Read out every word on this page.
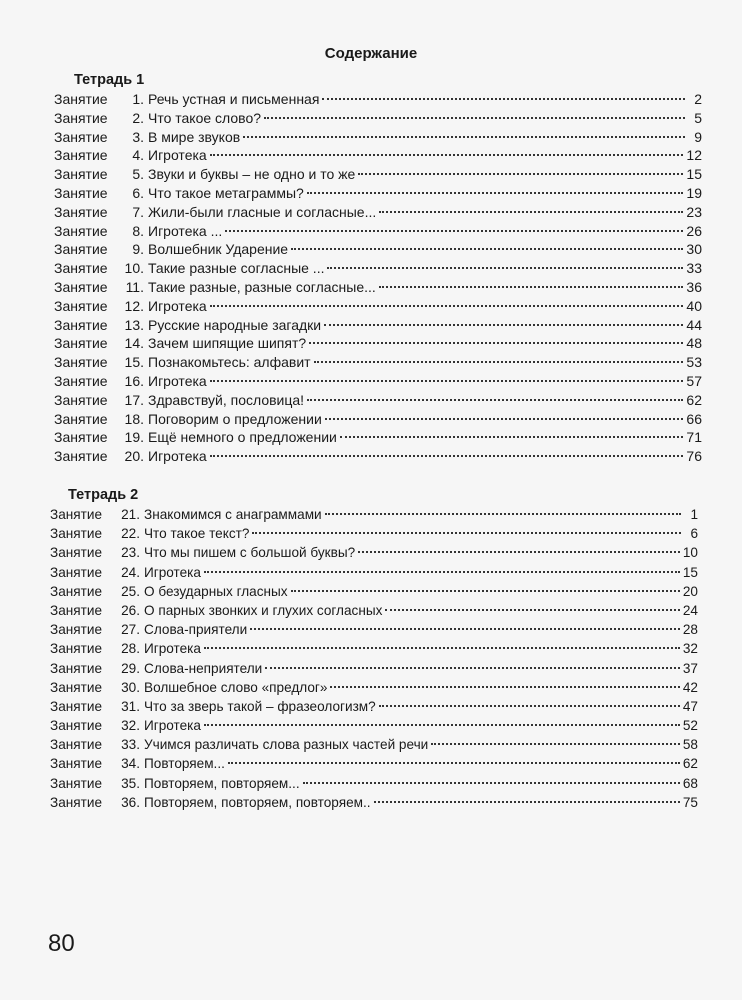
Содержание
Тетрадь 1
Занятие	1. Речь устная и письменная	2
Занятие	2. Что такое слово?	5
Занятие	3. В мире звуков	9
Занятие	4. Игротека	12
Занятие	5. Звуки и буквы – не одно и то же	15
Занятие	6. Что такое метаграммы?	19
Занятие	7. Жили-были гласные и согласные...	23
Занятие	8. Игротека ...	26
Занятие	9. Волшебник Ударение	30
Занятие	10. Такие разные согласные ...	33
Занятие	11. Такие разные, разные согласные...	36
Занятие	12. Игротека	40
Занятие	13. Русские народные загадки	44
Занятие	14. Зачем шипящие шипят?	48
Занятие	15. Познакомьтесь: алфавит	53
Занятие	16. Игротека	57
Занятие	17. Здравствуй, пословица!	62
Занятие	18. Поговорим о предложении	66
Занятие	19. Ещё немного о предложении	71
Занятие	20. Игротека	76
Тетрадь 2
Занятие	21. Знакомимся с анаграммами	1
Занятие	22. Что такое текст?	6
Занятие	23. Что мы пишем с большой буквы?	10
Занятие	24. Игротека	15
Занятие	25. О безударных гласных	20
Занятие	26. О парных звонких и глухих согласных	24
Занятие	27. Слова-приятели	28
Занятие	28. Игротека	32
Занятие	29. Слова-неприятели	37
Занятие	30. Волшебное слово «предлог»	42
Занятие	31. Что за зверь такой – фразеологизм?	47
Занятие	32. Игротека	52
Занятие	33. Учимся различать слова разных частей речи	58
Занятие	34. Повторяем...	62
Занятие	35. Повторяем, повторяем...	68
Занятие	36. Повторяем, повторяем, повторяем..	75
80
